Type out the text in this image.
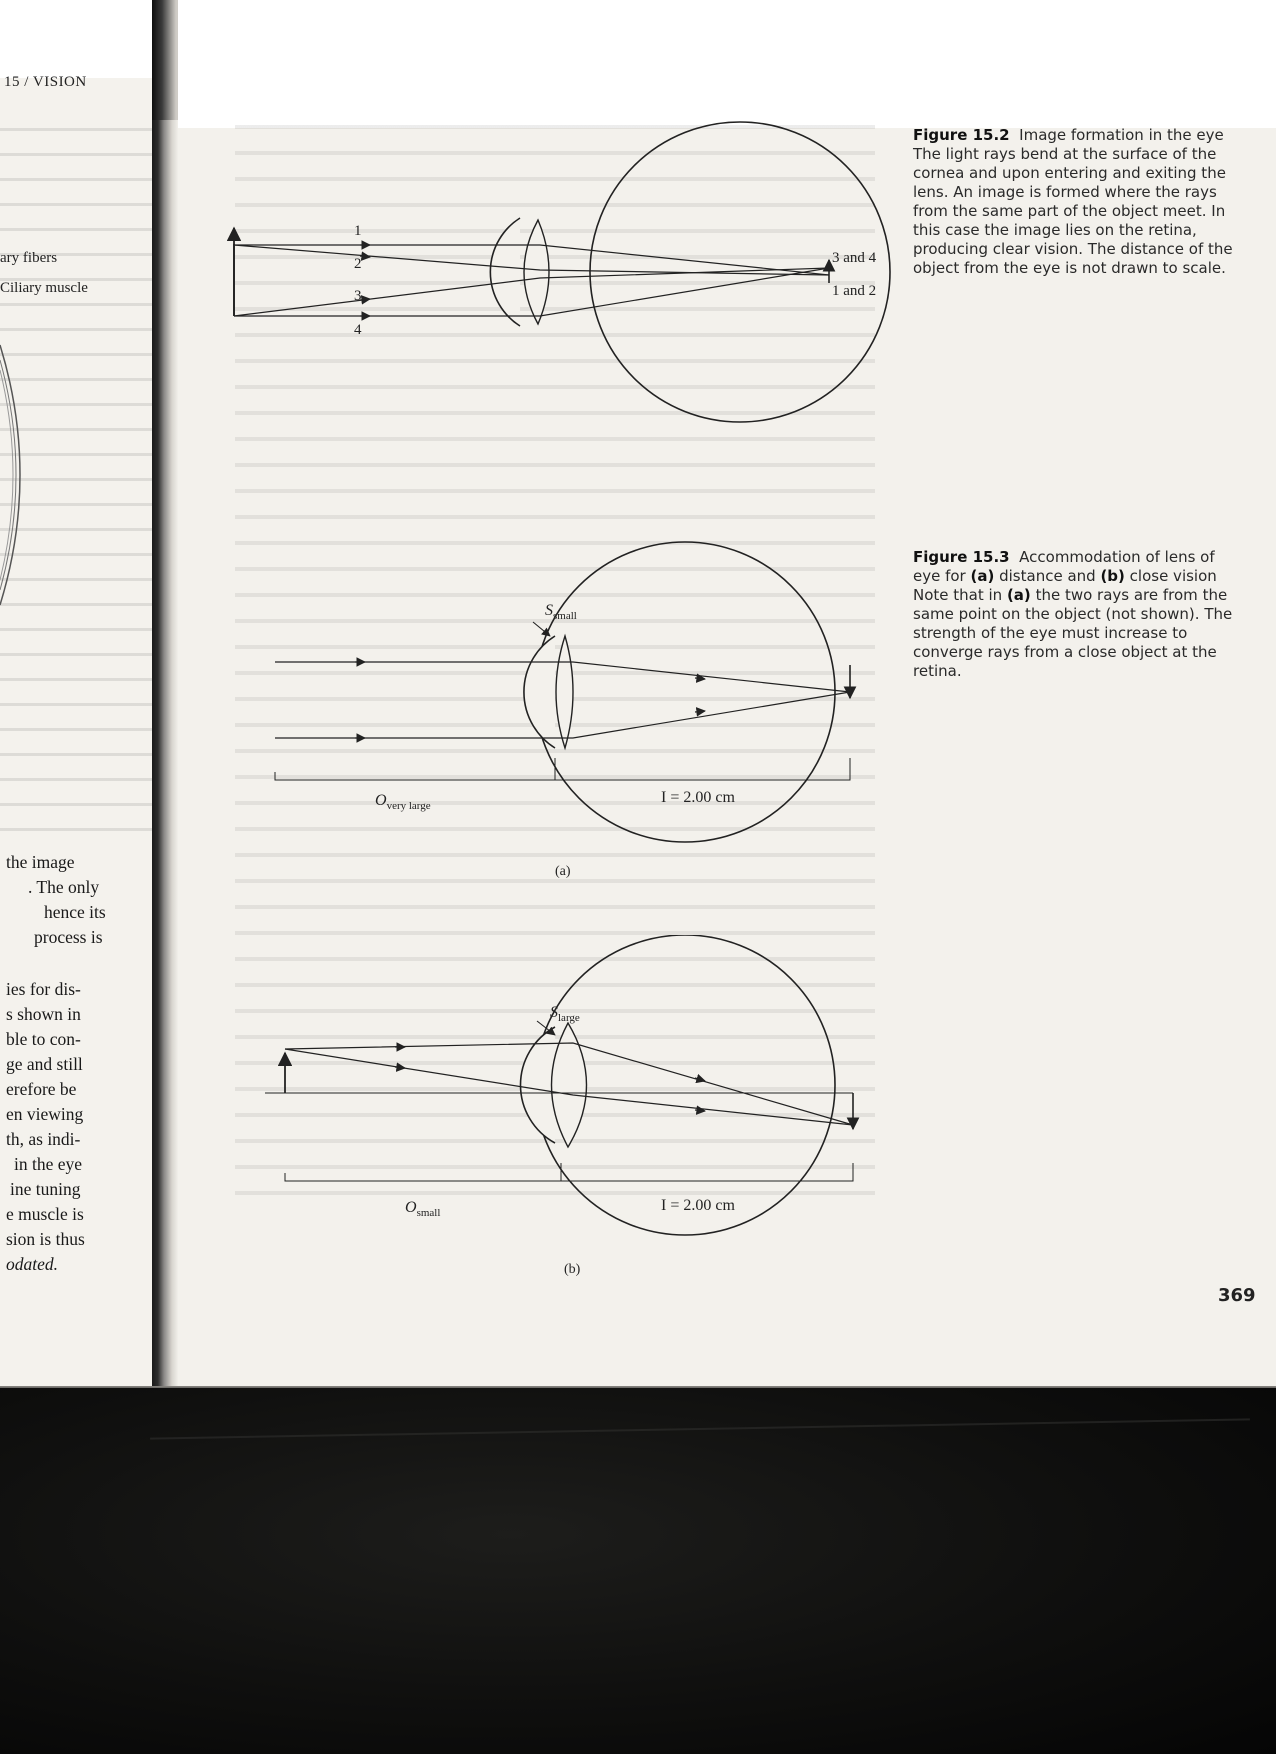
15 / VISION
ary fibers
Ciliary muscle
the image
. The only
hence its
process is
ies for dis-
s shown in
ble to con-
ge and still
erefore be
en viewing
th, as indi-
in the eye
ine tuning
e muscle is
sion is thus
odated.
1
2
3
4
3 and 4
1 and 2
$S_{small}$
$O_{very large}$	I = 2.00 cm
(a)
$S_{large}$
$O_{small}$	I = 2.00 cm
(b)
Figure 15.2 Image formation in the eye The light rays bend at the surface of the cornea and upon entering and exiting the lens. An image is formed where the rays from the same part of the object meet. In this case the image lies on the retina, producing clear vision. The distance of the object from the eye is not drawn to scale.
Figure 15.3 Accommodation of lens of eye for (a) distance and (b) close vision Note that in (a) the two rays are from the same point on the object (not shown). The strength of the eye must increase to converge rays from a close object at the retina.
369
